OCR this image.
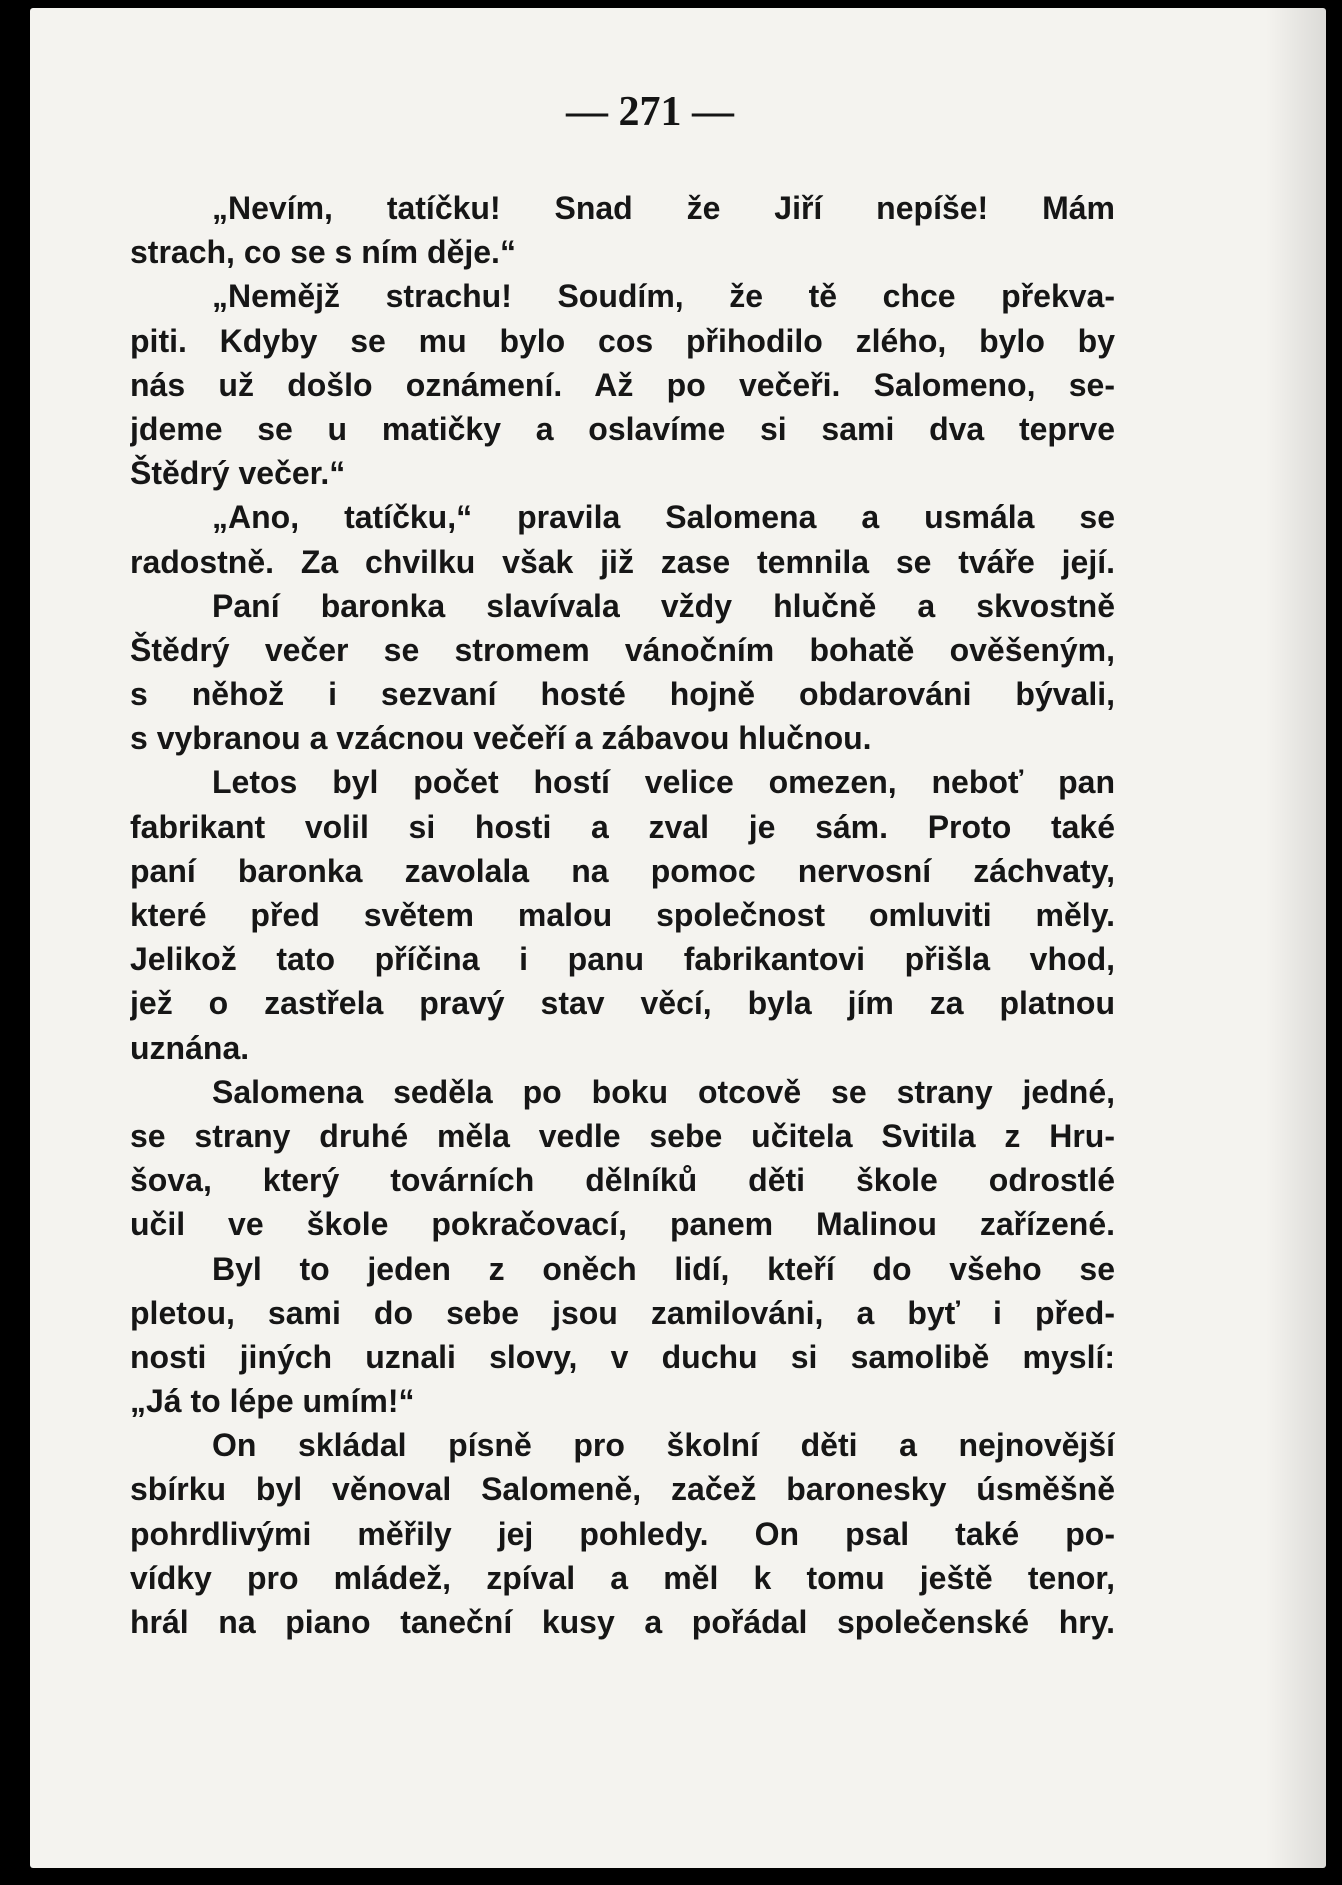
— 271 —
„Nevím, tatíčku! Snad že Jiří nepíše! Mám
strach, co se s ním děje.“
„Nemějž strachu! Soudím, že tě chce překva-
piti. Kdyby se mu bylo cos přihodilo zlého, bylo by
nás už došlo oznámení. Až po večeři. Salomeno, se-
jdeme se u matičky a oslavíme si sami dva teprve
Štědrý večer.“
„Ano, tatíčku,“ pravila Salomena a usmála se
radostně. Za chvilku však již zase temnila se tváře její.
Paní baronka slavívala vždy hlučně a skvostně
Štědrý večer se stromem vánočním bohatě ověšeným,
s něhož i sezvaní hosté hojně obdarováni bývali,
s vybranou a vzácnou večeří a zábavou hlučnou.
Letos byl počet hostí velice omezen, neboť pan
fabrikant volil si hosti a zval je sám. Proto také
paní baronka zavolala na pomoc nervosní záchvaty,
které před světem malou společnost omluviti měly.
Jelikož tato příčina i panu fabrikantovi přišla vhod,
jež o zastřela pravý stav věcí, byla jím za platnou
uznána.
Salomena seděla po boku otcově se strany jedné,
se strany druhé měla vedle sebe učitela Svitila z Hru-
šova, který továrních dělníků děti škole odrostlé
učil ve škole pokračovací, panem Malinou zařízené.
Byl to jeden z oněch lidí, kteří do všeho se
pletou, sami do sebe jsou zamilováni, a byť i před-
nosti jiných uznali slovy, v duchu si samolibě myslí:
„Já to lépe umím!“
On skládal písně pro školní děti a nejnovější
sbírku byl věnoval Salomeně, začež baronesky úsměšně
pohrdlivými měřily jej pohledy. On psal také po-
vídky pro mládež, zpíval a měl k tomu ještě tenor,
hrál na piano taneční kusy a pořádal společenské hry.
